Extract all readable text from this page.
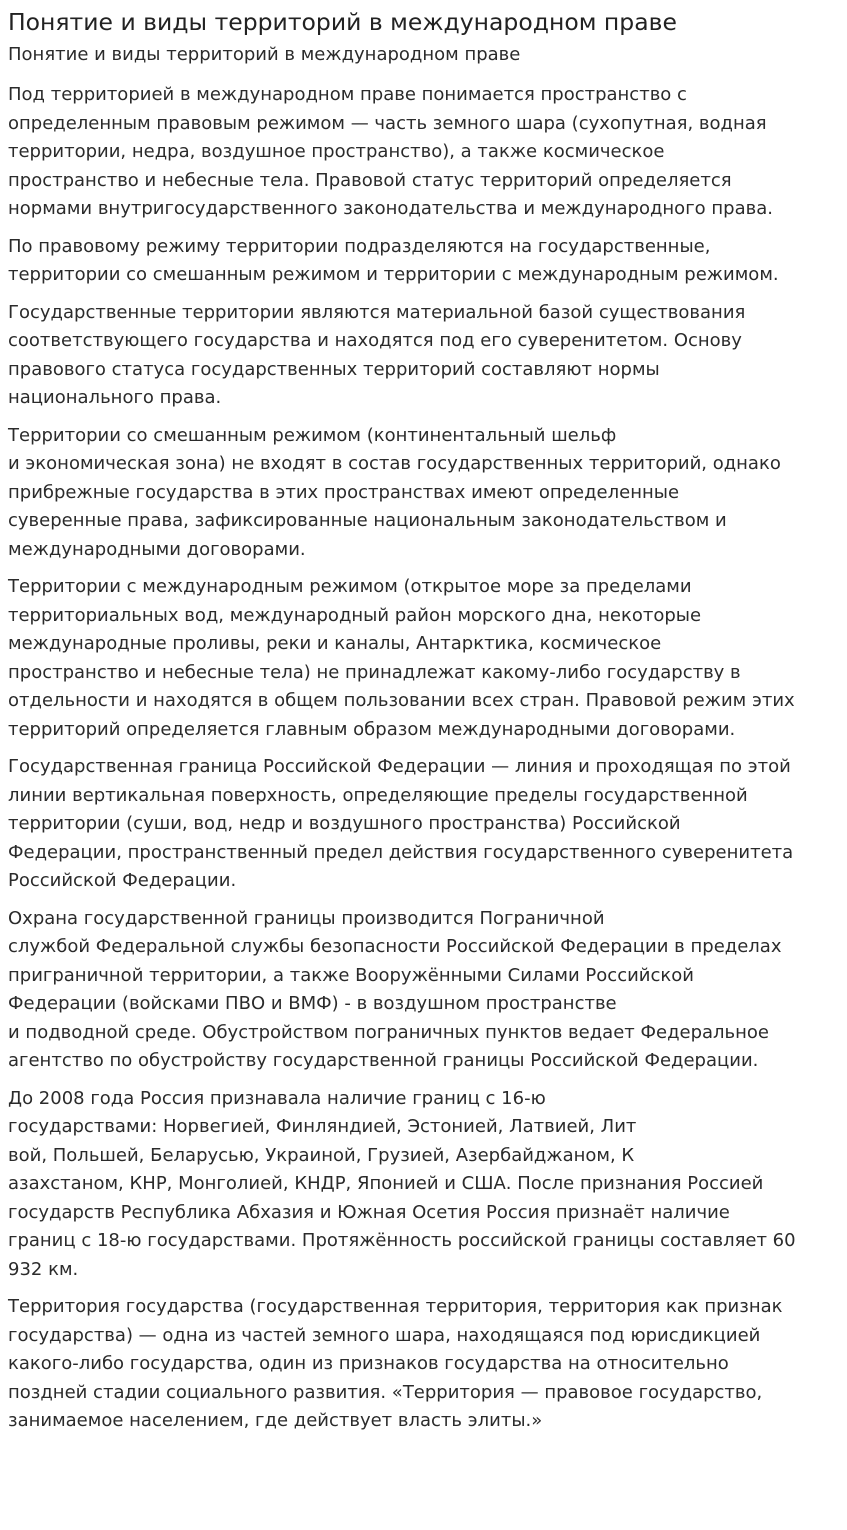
Понятие и виды территорий в международном праве
Понятие и виды территорий в международном праве
Под территорией в международном праве понимается пространство с
определенным правовым режимом — часть земного шара (сухопутная, водная
территории, недра, воздушное пространство), а также космическое
пространство и небесные тела. Правовой статус территорий определяется
нормами внутригосударственного законодательства и международного права.
По правовому режиму территории подразделяются на государственные,
территории со смешанным режимом и территории с международным режимом.
Государственные территории являются материальной базой существования
соответствующего государства и находятся под его суверенитетом. Основу
правового статуса государственных территорий составляют нормы
национального права.
Территории со смешанным режимом (континентальный шельф
и экономическая зона) не входят в состав государственных территорий, однако
прибрежные государства в этих пространствах имеют определенные
суверенные права, зафиксированные национальным законодательством и
международными договорами.
Территории с международным режимом (открытое море за пределами
территориальных вод, международный район морского дна, некоторые
международные проливы, реки и каналы, Антарктика, космическое
пространство и небесные тела) не принадлежат какому-либо государству в
отдельности и находятся в общем пользовании всех стран. Правовой режим этих
территорий определяется главным образом международными договорами.
Государственная граница Российской Федерации — линия и проходящая по этой
линии вертикальная поверхность, определяющие пределы государственной
территории (суши, вод, недр и воздушного пространства) Российской
Федерации, пространственный предел действия государственного суверенитета
Российской Федерации.
Охрана государственной границы производится Пограничной
службой Федеральной службы безопасности Российской Федерации в пределах
приграничной территории, а также Вооружёнными Силами Российской
Федерации (войсками ПВО и ВМФ) - в воздушном пространстве
и подводной среде. Обустройством пограничных пунктов ведает Федеральное
агентство по обустройству государственной границы Российской Федерации.
До 2008 года Россия признавала наличие границ с 16-ю
государствами: Норвегией, Финляндией, Эстонией, Латвией, Лит
вой, Польшей, Беларусью, Украиной, Грузией, Азербайджаном, К
азахстаном, КНР, Монголией, КНДР, Японией и США. После признания Россией
государств Республика Абхазия и Южная Осетия Россия признаёт наличие
границ с 18-ю государствами. Протяжённость российской границы составляет 60
932 км.
Территория государства (государственная территория, территория как признак
государства) — одна из частей земного шара, находящаяся под юрисдикцией
какого-либо государства, один из признаков государства на относительно
поздней стадии социального развития. «Территория — правовое государство,
занимаемое населением, где действует власть элиты.»
